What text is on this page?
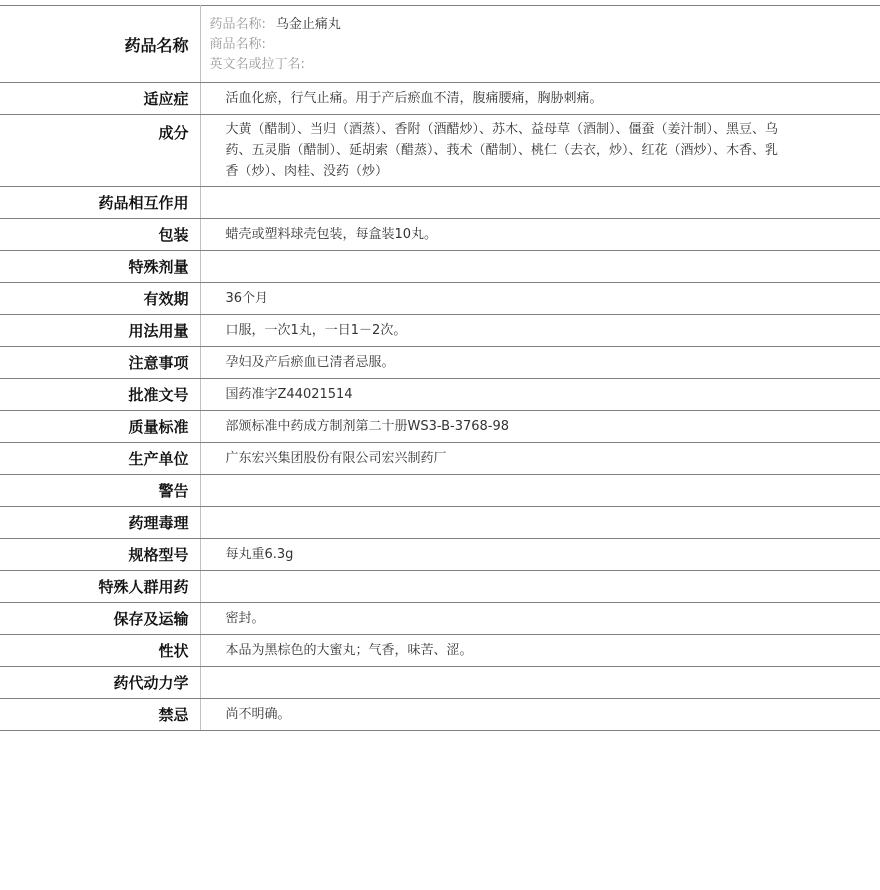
药品名称	药品名称: 乌金止痛丸
商品名称:
英文名或拉丁名:

适应症	活血化瘀，行气止痛。用于产后瘀血不清，腹痛腰痛，胸胁刺痛。
成分	大黄（醋制）、当归（酒蒸）、香附（酒醋炒）、苏木、益母草（酒制）、僵蚕（姜汁制）、黑豆、乌药、五灵脂（醋制）、延胡索（醋蒸）、莪术（醋制）、桃仁（去衣，炒）、红花（酒炒）、木香、乳香（炒）、肉桂、没药（炒）
药品相互作用	
包装	蜡壳或塑料球壳包装，每盒装10丸。
特殊剂量	
有效期	36个月
用法用量	口服，一次1丸，一日1－2次。
注意事项	孕妇及产后瘀血已清者忌服。
批准文号	国药准字Z44021514
质量标准	部颁标准中药成方制剂第二十册WS3-B-3768-98
生产单位	广东宏兴集团股份有限公司宏兴制药厂
警告	
药理毒理	
规格型号	每丸重6.3g
特殊人群用药	
保存及运输	密封。
性状	本品为黑棕色的大蜜丸；气香，味苦、涩。
药代动力学	
禁忌	尚不明确。
